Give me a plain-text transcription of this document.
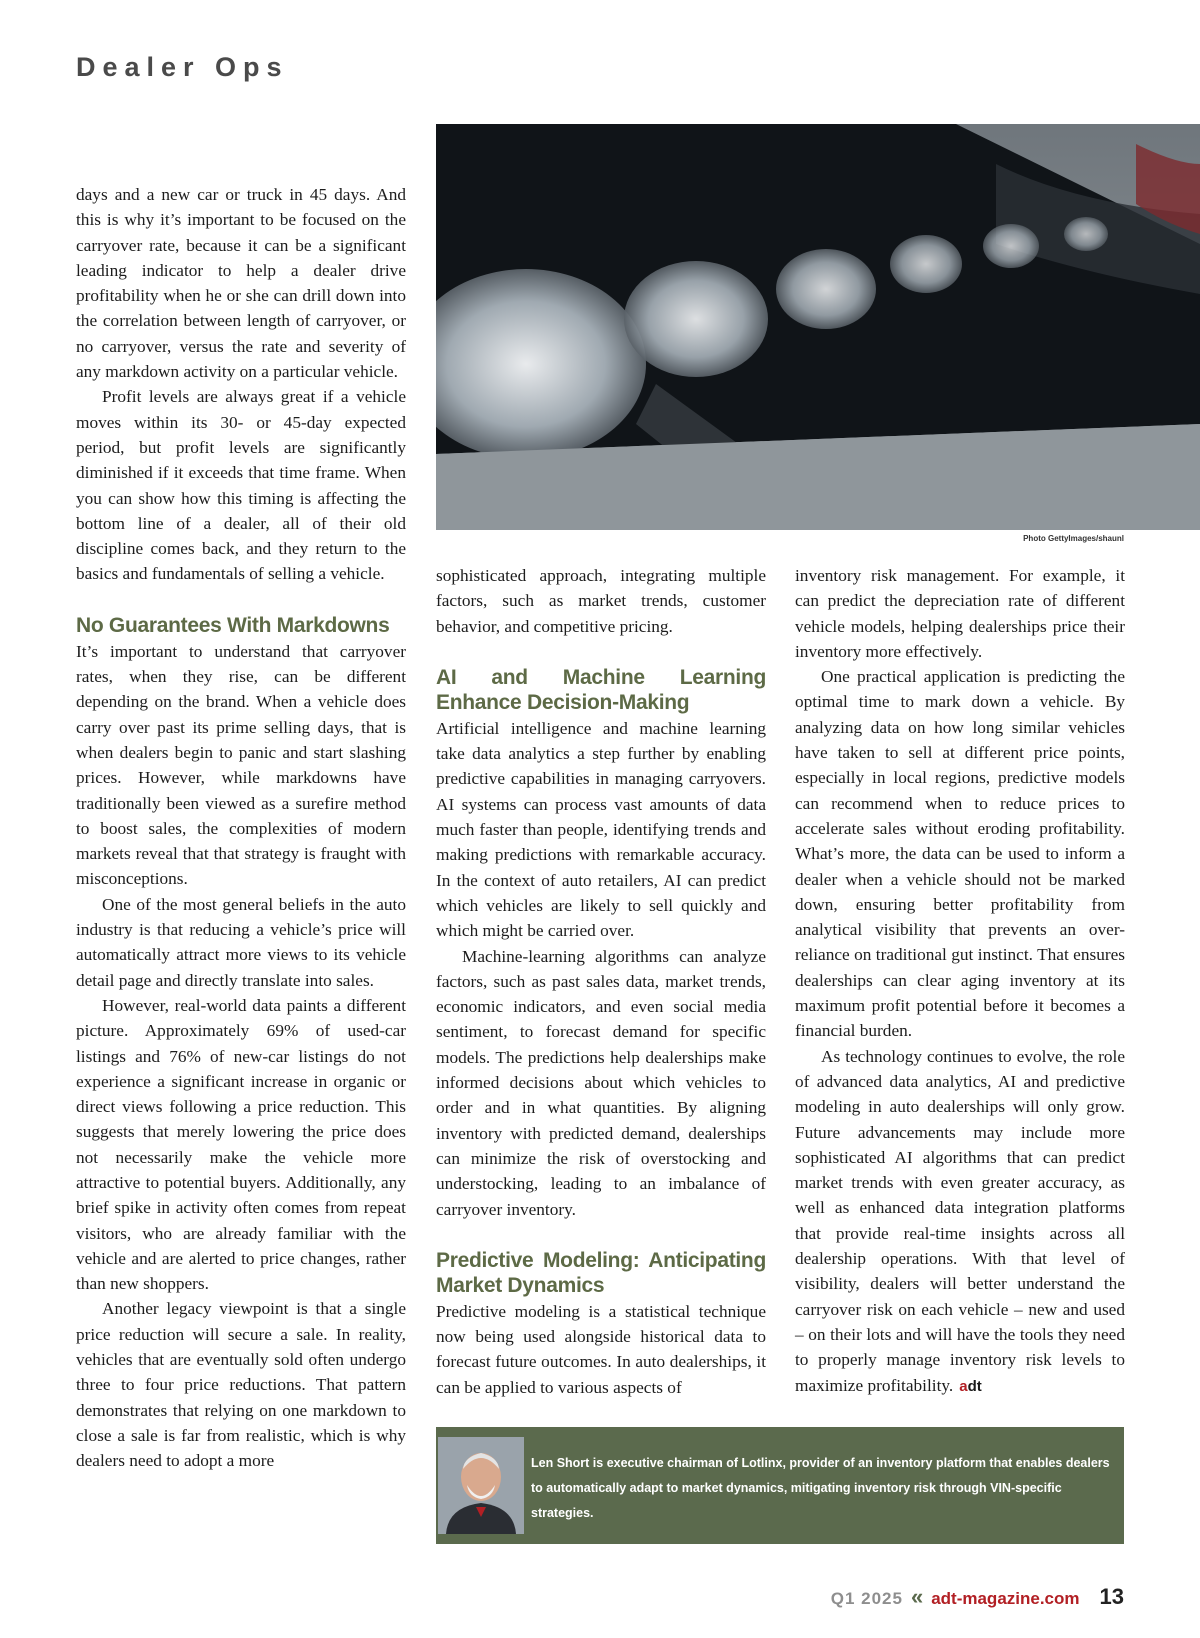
Dealer Ops

Photo GettyImages/shaunl

days and a new car or truck in 45 days. And this is why it’s important to be focused on the carryover rate, because it can be a significant leading indicator to help a dealer drive profitability when he or she can drill down into the correlation between length of carryover, or no carryover, versus the rate and severity of any markdown activity on a particular vehicle.

Profit levels are always great if a vehicle moves within its 30- or 45-day expected period, but profit levels are significantly diminished if it exceeds that time frame. When you can show how this timing is affecting the bottom line of a dealer, all of their old discipline comes back, and they return to the basics and fundamentals of selling a vehicle.

No Guarantees With Markdowns

It’s important to understand that carryover rates, when they rise, can be different depending on the brand. When a vehicle does carry over past its prime selling days, that is when dealers begin to panic and start slashing prices. However, while markdowns have traditionally been viewed as a surefire method to boost sales, the complexities of modern markets reveal that that strategy is fraught with misconceptions.

One of the most general beliefs in the auto industry is that reducing a vehicle’s price will automatically attract more views to its vehicle detail page and directly translate into sales.

However, real-world data paints a different picture. Approximately 69% of used-car listings and 76% of new-car listings do not experience a significant increase in organic or direct views following a price reduction. This suggests that merely lowering the price does not necessarily make the vehicle more attractive to potential buyers. Additionally, any brief spike in activity often comes from repeat visitors, who are already familiar with the vehicle and are alerted to price changes, rather than new shoppers.

Another legacy viewpoint is that a single price reduction will secure a sale. In reality, vehicles that are eventually sold often undergo three to four price reductions. That pattern demonstrates that relying on one markdown to close a sale is far from realistic, which is why dealers need to adopt a more

sophisticated approach, integrating multiple factors, such as market trends, customer behavior, and competitive pricing.

AI and Machine Learning Enhance Decision-Making

Artificial intelligence and machine learning take data analytics a step further by enabling predictive capabilities in managing carryovers. AI systems can process vast amounts of data much faster than people, identifying trends and making predictions with remarkable accuracy. In the context of auto retailers, AI can predict which vehicles are likely to sell quickly and which might be carried over.

Machine-learning algorithms can analyze factors, such as past sales data, market trends, economic indicators, and even social media sentiment, to forecast demand for specific models. The predictions help dealerships make informed decisions about which vehicles to order and in what quantities. By aligning inventory with predicted demand, dealerships can minimize the risk of overstocking and understocking, leading to an imbalance of carryover inventory.

Predictive Modeling: Anticipating Market Dynamics

Predictive modeling is a statistical technique now being used alongside historical data to forecast future outcomes. In auto dealerships, it can be applied to various aspects of

inventory risk management. For example, it can predict the depreciation rate of different vehicle models, helping dealerships price their inventory more effectively.

One practical application is predicting the optimal time to mark down a vehicle. By analyzing data on how long similar vehicles have taken to sell at different price points, especially in local regions, predictive models can recommend when to reduce prices to accelerate sales without eroding profitability. What’s more, the data can be used to inform a dealer when a vehicle should not be marked down, ensuring better profitability from analytical visibility that prevents an over-reliance on traditional gut instinct. That ensures dealerships can clear aging inventory at its maximum profit potential before it becomes a financial burden.

As technology continues to evolve, the role of advanced data analytics, AI and predictive modeling in auto dealerships will only grow. Future advancements may include more sophisticated AI algorithms that can predict market trends with even greater accuracy, as well as enhanced data integration platforms that provide real-time insights across all dealership operations. With that level of visibility, dealers will better understand the carryover risk on each vehicle – new and used – on their lots and will have the tools they need to properly manage inventory risk levels to maximize profitability. adt

Len Short is executive chairman of Lotlinx, provider of an inventory platform that enables dealers to automatically adapt to market dynamics, mitigating inventory risk through VIN-specific strategies.

Q1 2025 « adt-magazine.com 13
